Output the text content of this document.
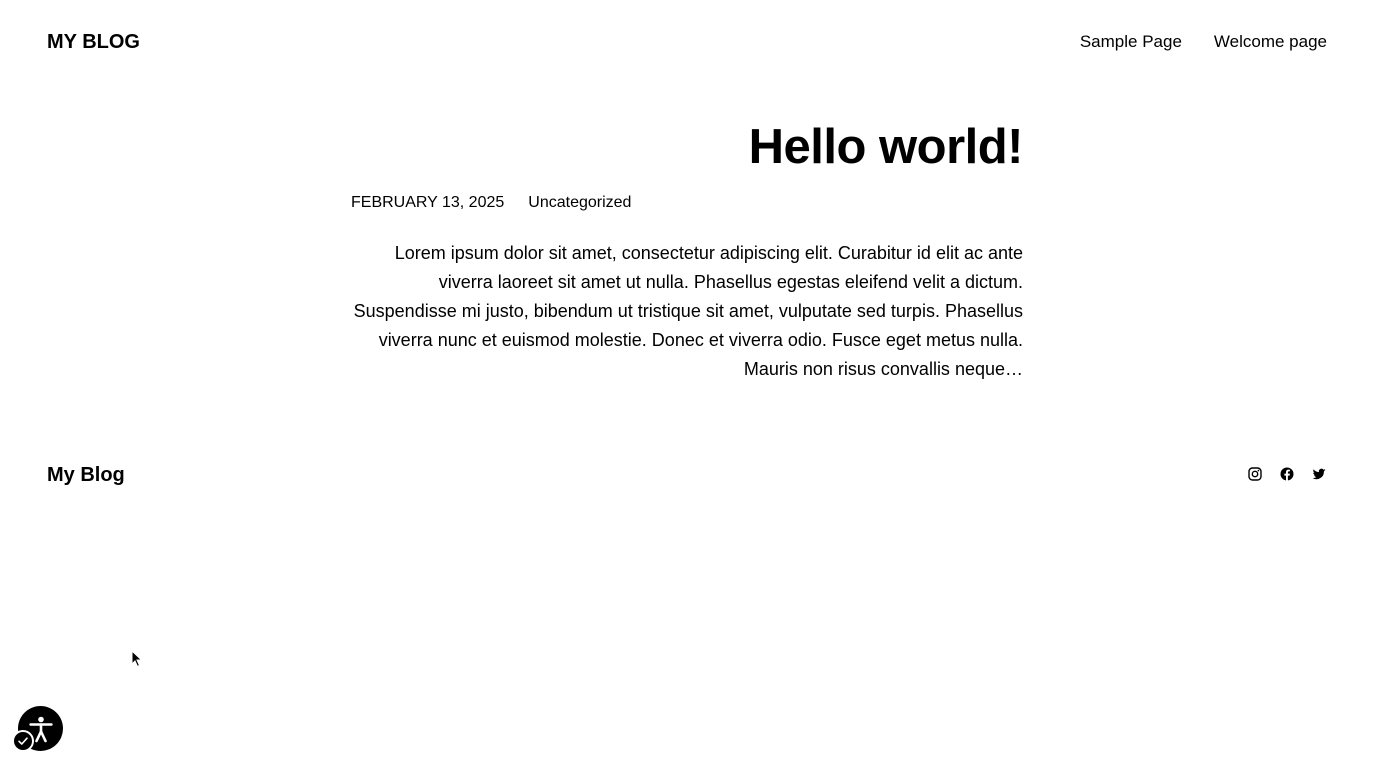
MY BLOG	Sample Page Welcome page
Hello world!
FEBRUARY 13, 2025 Uncategorized

Lorem ipsum dolor sit amet, consectetur adipiscing elit. Curabitur id elit ac ante viverra laoreet sit amet ut nulla. Phasellus egestas eleifend velit a dictum. Suspendisse mi justo, bibendum ut tristique sit amet, vulputate sed turpis. Phasellus viverra nunc et euismod molestie. Donec et viverra odio. Fusce eget metus nulla. Mauris non risus convallis neque…

My Blog
